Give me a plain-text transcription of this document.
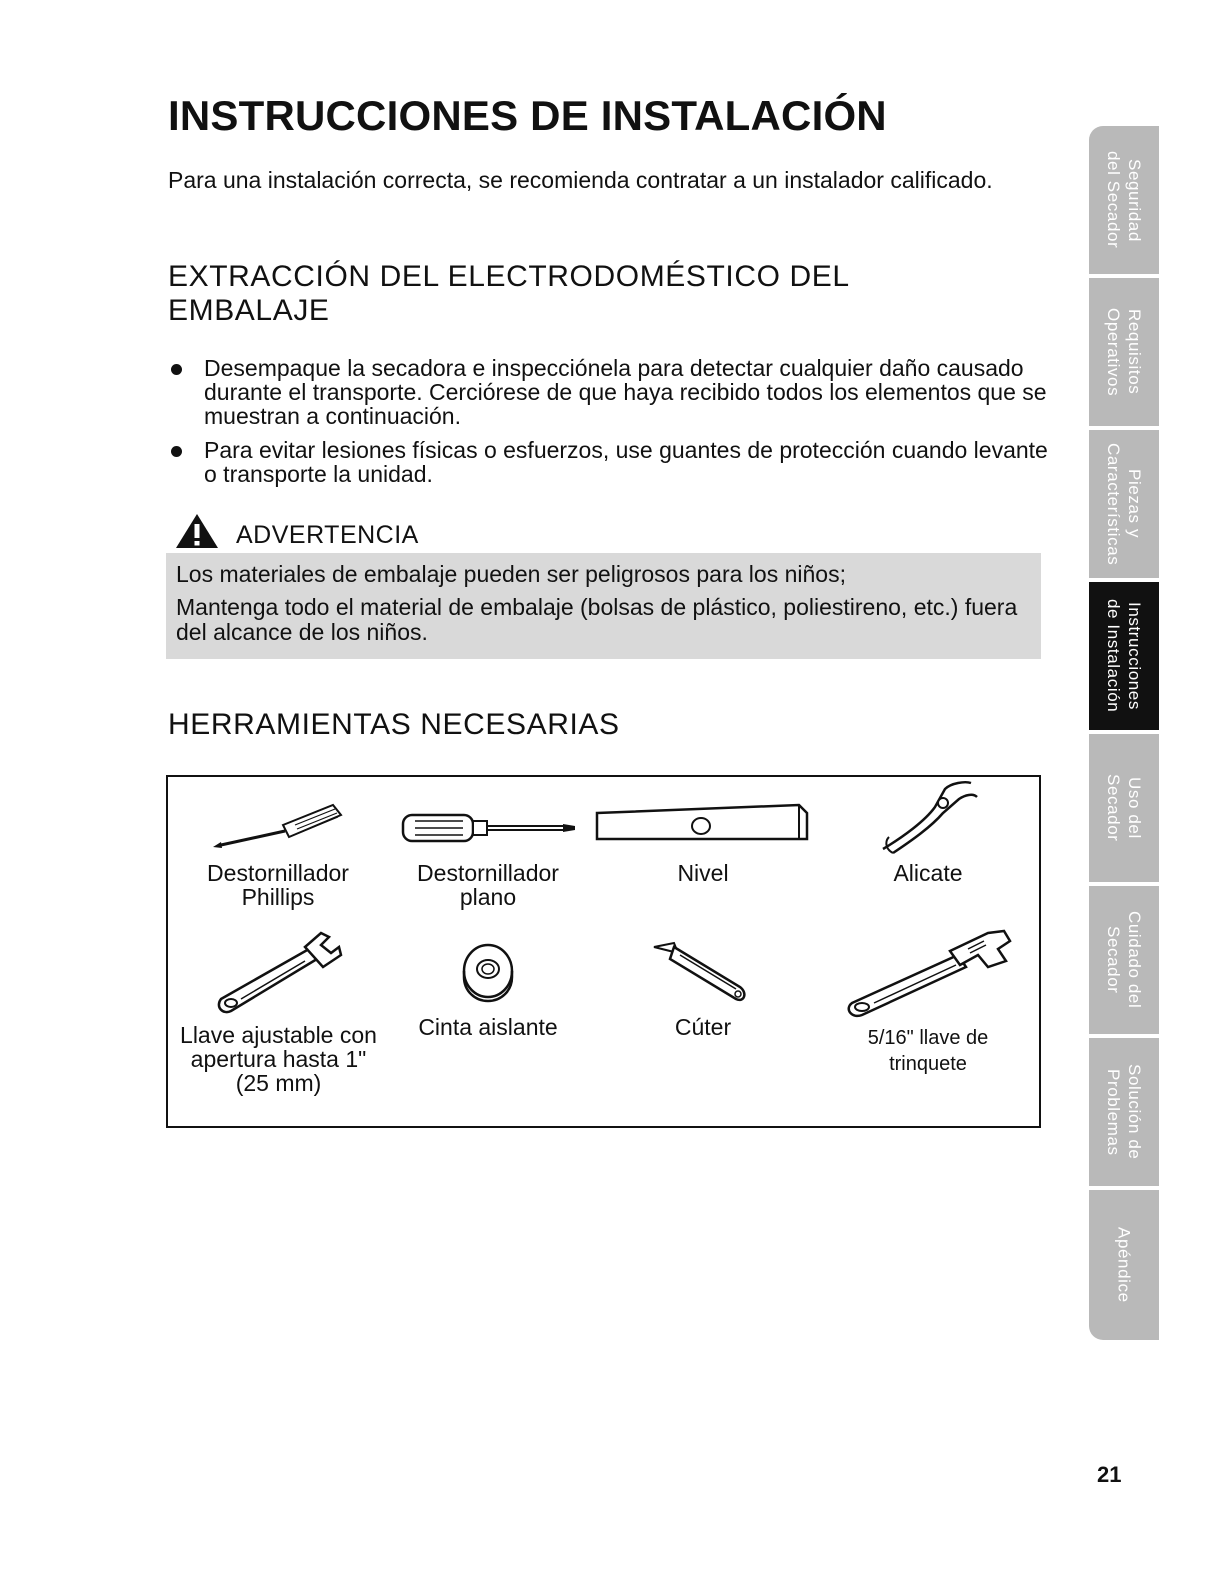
INSTRUCCIONES DE INSTALACIÓN

Para una instalación correcta, se recomienda contratar a un instalador calificado.

EXTRACCIÓN DEL ELECTRODOMÉSTICO DEL
EMBALAJE
Desempaque la secadora e inspecciónela para detectar cualquier daño causado durante el transporte. Cerciórese de que haya recibido todos los elementos que se muestran a continuación.
Para evitar lesiones físicas o esfuerzos, use guantes de protección cuando levante o transporte la unidad.
ADVERTENCIA

Los materiales de embalaje pueden ser peligrosos para los niños;

Mantenga todo el material de embalaje (bolsas de plástico, poliestireno, etc.) fuera del alcance de los niños.

HERRAMIENTAS NECESARIAS
Destornillador Phillips
Destornillador plano
Nivel	Alicate
Llave ajustable con apertura hasta 1" (25 mm)
Cinta aislante	Cúter	5/16" llave de trinquete
Seguridad
del Secador
Requisitos
Operativos
Piezas y
Características
Instrucciones
de Instalación
Uso del
Secador
Cuidado del
Secador
Solución de
Problemas
Apéndice
21
